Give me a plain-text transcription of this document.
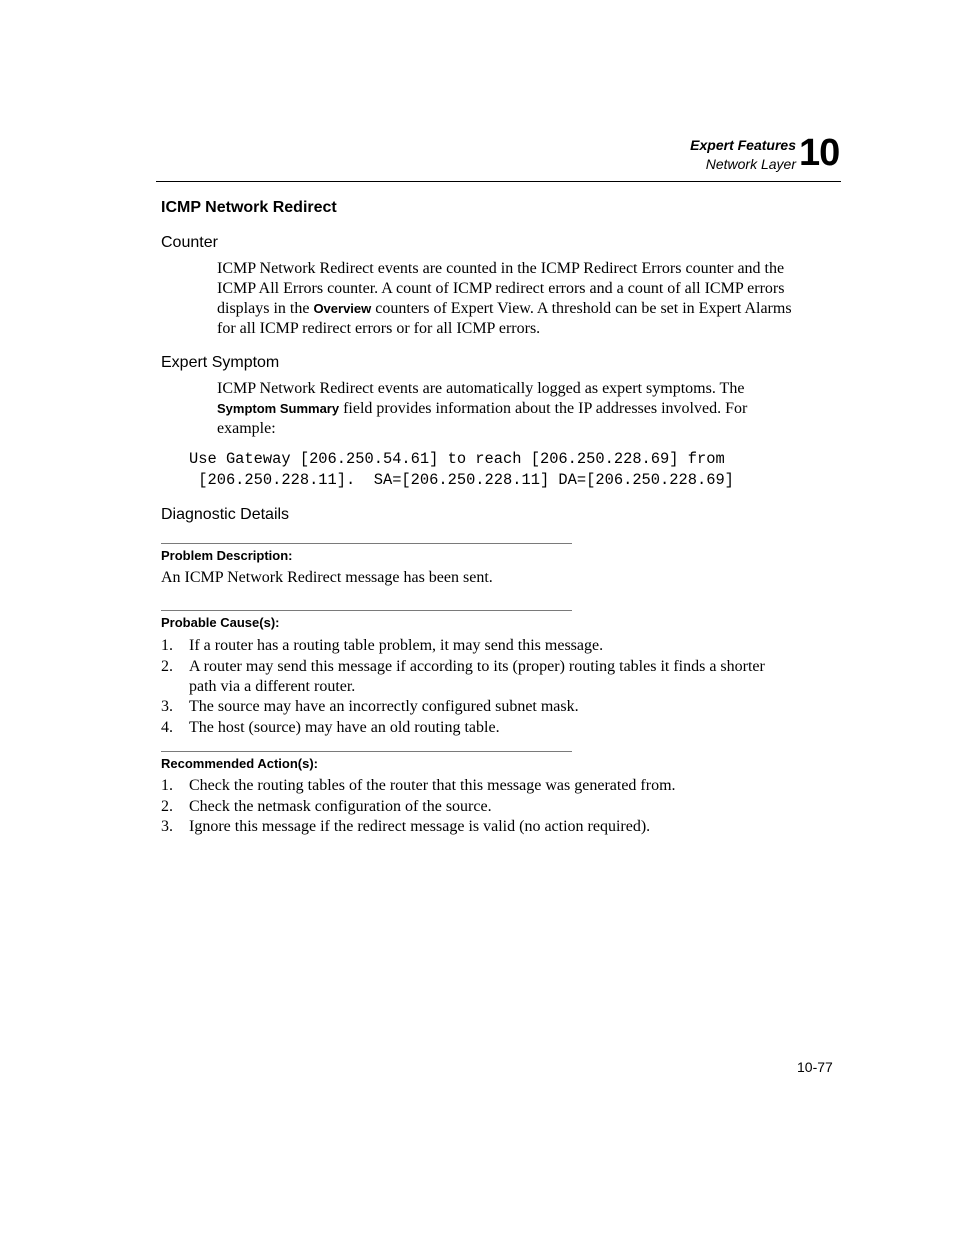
Expert Features
Network Layer 10
ICMP Network Redirect
Counter
ICMP Network Redirect events are counted in the ICMP Redirect Errors counter and the ICMP All Errors counter. A count of ICMP redirect errors and a count of all ICMP errors displays in the Overview counters of Expert View. A threshold can be set in Expert Alarms for all ICMP redirect errors or for all ICMP errors.
Expert Symptom
ICMP Network Redirect events are automatically logged as expert symptoms. The Symptom Summary field provides information about the IP addresses involved. For example:
Use Gateway [206.250.54.61] to reach [206.250.228.69] from
[206.250.228.11].  SA=[206.250.228.11] DA=[206.250.228.69]
Diagnostic Details
Problem Description:
An ICMP Network Redirect message has been sent.
Probable Cause(s):
1. If a router has a routing table problem, it may send this message.
2. A router may send this message if according to its (proper) routing tables it finds a shorter path via a different router.
3. The source may have an incorrectly configured subnet mask.
4. The host (source) may have an old routing table.
Recommended Action(s):
1. Check the routing tables of the router that this message was generated from.
2. Check the netmask configuration of the source.
3. Ignore this message if the redirect message is valid (no action required).
10-77
